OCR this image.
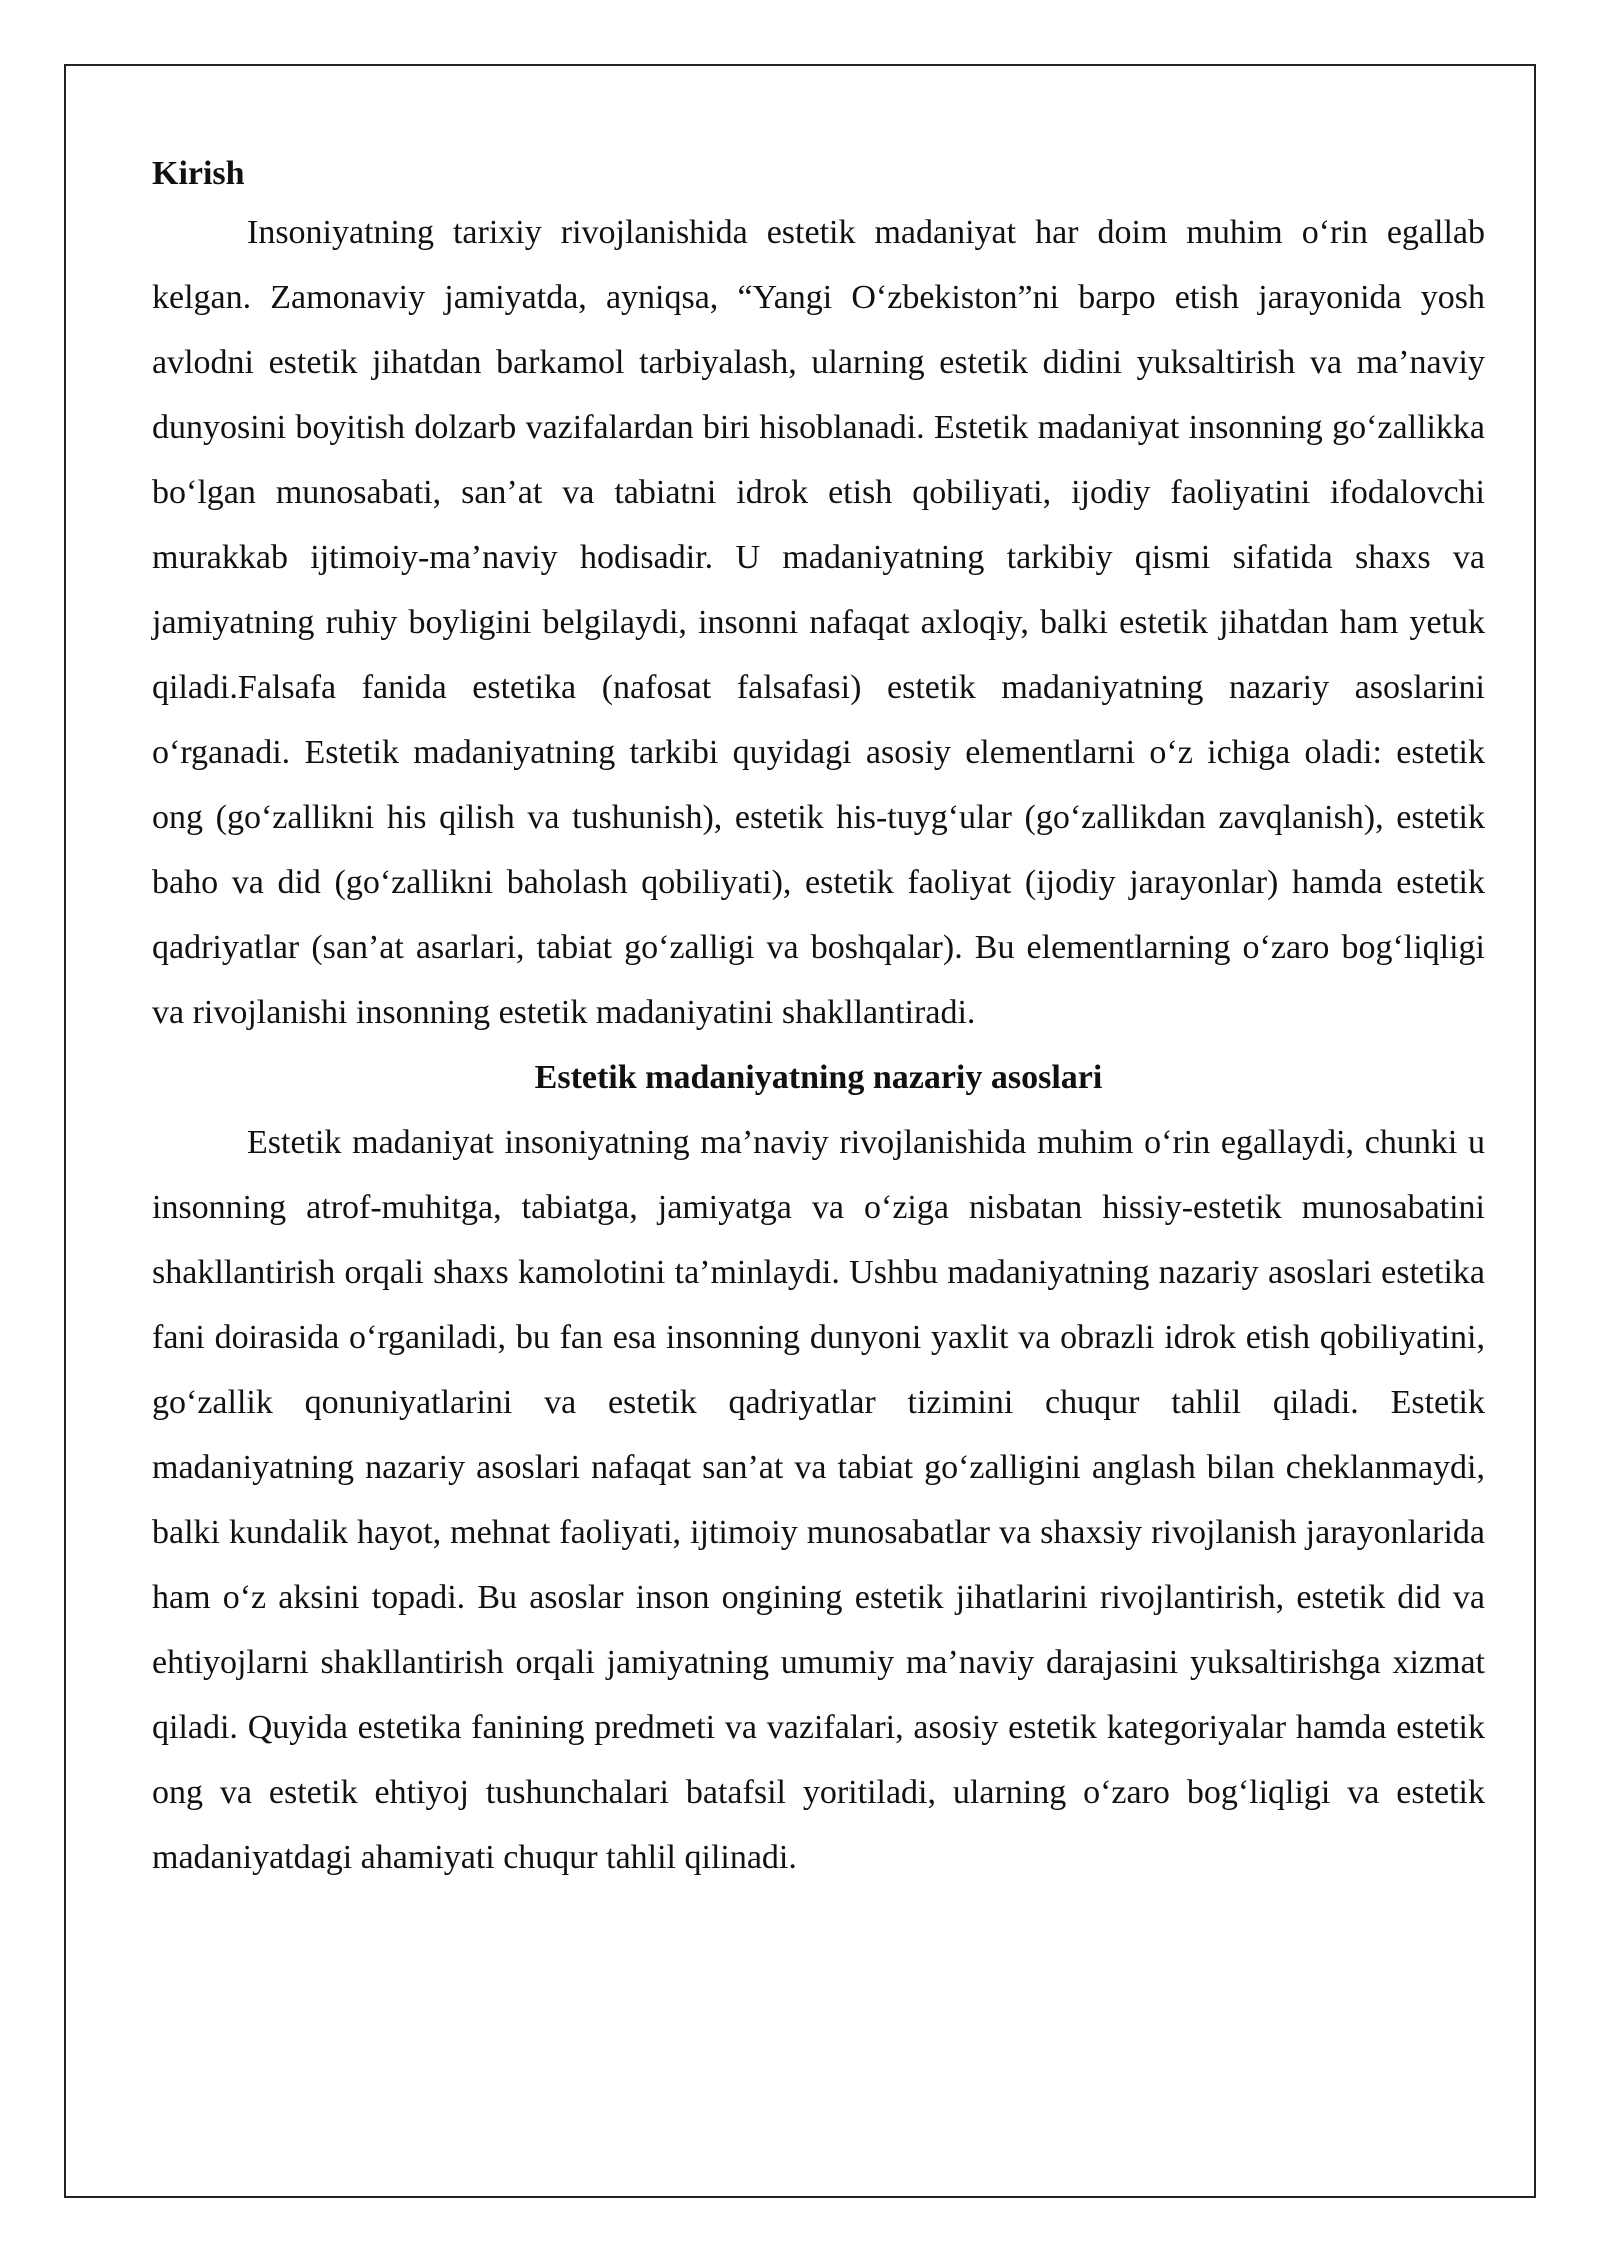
Kirish

Insoniyatning tarixiy rivojlanishida estetik madaniyat har doim muhim o‘rin egallab kelgan. Zamonaviy jamiyatda, ayniqsa, “Yangi O‘zbekiston”ni barpo etish jarayonida yosh avlodni estetik jihatdan barkamol tarbiyalash, ularning estetik didini yuksaltirish va ma’naviy dunyosini boyitish dolzarb vazifalardan biri hisoblanadi. Estetik madaniyat insonning go‘zallikka bo‘lgan munosabati, san’at va tabiatni idrok etish qobiliyati, ijodiy faoliyatini ifodalovchi murakkab ijtimoiy-ma’naviy hodisadir. U madaniyatning tarkibiy qismi sifatida shaxs va jamiyatning ruhiy boyligini belgilaydi, insonni nafaqat axloqiy, balki estetik jihatdan ham yetuk qiladi.Falsafa fanida estetika (nafosat falsafasi) estetik madaniyatning nazariy asoslarini o‘rganadi. Estetik madaniyatning tarkibi quyidagi asosiy elementlarni o‘z ichiga oladi: estetik ong (go‘zallikni his qilish va tushunish), estetik his-tuyg‘ular (go‘zallikdan zavqlanish), estetik baho va did (go‘zallikni baholash qobiliyati), estetik faoliyat (ijodiy jarayonlar) hamda estetik qadriyatlar (san’at asarlari, tabiat go‘zalligi va boshqalar). Bu elementlarning o‘zaro bog‘liqligi va rivojlanishi insonning estetik madaniyatini shakllantiradi.

Estetik madaniyatning nazariy asoslari

Estetik madaniyat insoniyatning ma’naviy rivojlanishida muhim o‘rin egallaydi, chunki u insonning atrof-muhitga, tabiatga, jamiyatga va o‘ziga nisbatan hissiy-estetik munosabatini shakllantirish orqali shaxs kamolotini ta’minlaydi. Ushbu madaniyatning nazariy asoslari estetika fani doirasida o‘rganiladi, bu fan esa insonning dunyoni yaxlit va obrazli idrok etish qobiliyatini, go‘zallik qonuniyatlarini va estetik qadriyatlar tizimini chuqur tahlil qiladi. Estetik madaniyatning nazariy asoslari nafaqat san’at va tabiat go‘zalligini anglash bilan cheklanmaydi, balki kundalik hayot, mehnat faoliyati, ijtimoiy munosabatlar va shaxsiy rivojlanish jarayonlarida ham o‘z aksini topadi. Bu asoslar inson ongining estetik jihatlarini rivojlantirish, estetik did va ehtiyojlarni shakllantirish orqali jamiyatning umumiy ma’naviy darajasini yuksaltirishga xizmat qiladi. Quyida estetika fanining predmeti va vazifalari, asosiy estetik kategoriyalar hamda estetik ong va estetik ehtiyoj tushunchalari batafsil yoritiladi, ularning o‘zaro bog‘liqligi va estetik madaniyatdagi ahamiyati chuqur tahlil qilinadi.
